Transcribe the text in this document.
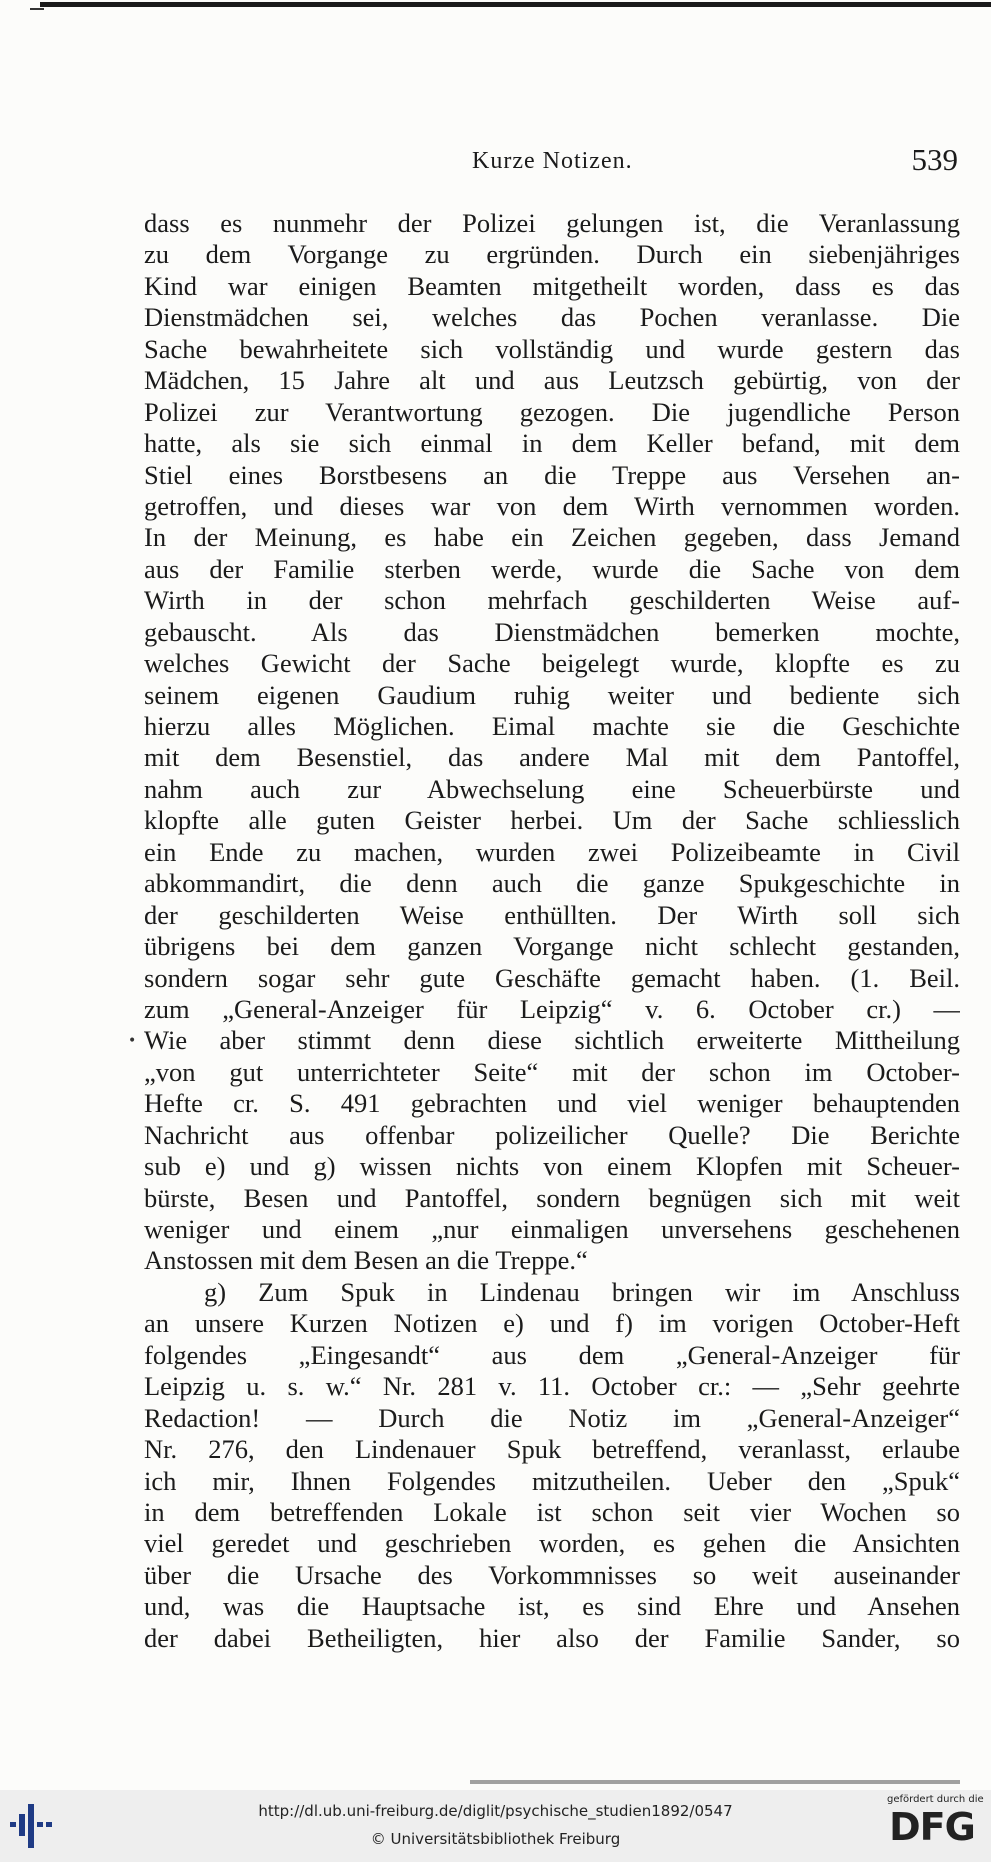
Kurze Notizen.	539
•
dass es nunmehr der Polizei gelungen ist, die Veranlassung
zu dem Vorgange zu ergründen. Durch ein siebenjähriges
Kind war einigen Beamten mitgetheilt worden, dass es das
Dienstmädchen sei, welches das Pochen veranlasse. Die
Sache bewahrheitete sich vollständig und wurde gestern das
Mädchen, 15 Jahre alt und aus Leutzsch gebürtig, von der
Polizei zur Verantwortung gezogen. Die jugendliche Person
hatte, als sie sich einmal in dem Keller befand, mit dem
Stiel eines Borstbesens an die Treppe aus Versehen an-
getroffen, und dieses war von dem Wirth vernommen worden.
In der Meinung, es habe ein Zeichen gegeben, dass Jemand
aus der Familie sterben werde, wurde die Sache von dem
Wirth in der schon mehrfach geschilderten Weise auf-
gebauscht. Als das Dienstmädchen bemerken mochte,
welches Gewicht der Sache beigelegt wurde, klopfte es zu
seinem eigenen Gaudium ruhig weiter und bediente sich
hierzu alles Möglichen. Eimal machte sie die Geschichte
mit dem Besenstiel, das andere Mal mit dem Pantoffel,
nahm auch zur Abwechselung eine Scheuerbürste und
klopfte alle guten Geister herbei. Um der Sache schliesslich
ein Ende zu machen, wurden zwei Polizeibeamte in Civil
abkommandirt, die denn auch die ganze Spukgeschichte in
der geschilderten Weise enthüllten. Der Wirth soll sich
übrigens bei dem ganzen Vorgange nicht schlecht gestanden,
sondern sogar sehr gute Geschäfte gemacht haben. (1. Beil.
zum „General-Anzeiger für Leipzig“ v. 6. October cr.) —
Wie aber stimmt denn diese sichtlich erweiterte Mittheilung
„von gut unterrichteter Seite“ mit der schon im October-
Hefte cr. S. 491 gebrachten und viel weniger behauptenden
Nachricht aus offenbar polizeilicher Quelle? Die Berichte
sub e) und g) wissen nichts von einem Klopfen mit Scheuer-
bürste, Besen und Pantoffel, sondern begnügen sich mit weit
weniger und einem „nur einmaligen unversehens geschehenen
Anstossen mit dem Besen an die Treppe.“
g) Zum Spuk in Lindenau bringen wir im Anschluss
an unsere Kurzen Notizen e) und f) im vorigen October-Heft
folgendes „Eingesandt“ aus dem „General-Anzeiger für
Leipzig u. s. w.“ Nr. 281 v. 11. October cr.: — „Sehr geehrte
Redaction! — Durch die Notiz im „General-Anzeiger“
Nr. 276, den Lindenauer Spuk betreffend, veranlasst, erlaube
ich mir, Ihnen Folgendes mitzutheilen. Ueber den „Spuk“
in dem betreffenden Lokale ist schon seit vier Wochen so
viel geredet und geschrieben worden, es gehen die Ansichten
über die Ursache des Vorkommnisses so weit auseinander
und, was die Hauptsache ist, es sind Ehre und Ansehen
der dabei Betheiligten, hier also der Familie Sander, so
http://dl.ub.uni-freiburg.de/diglit/psychische_studien1892/0547
© Universitätsbibliothek Freiburg
gefördert durch die
DFG
